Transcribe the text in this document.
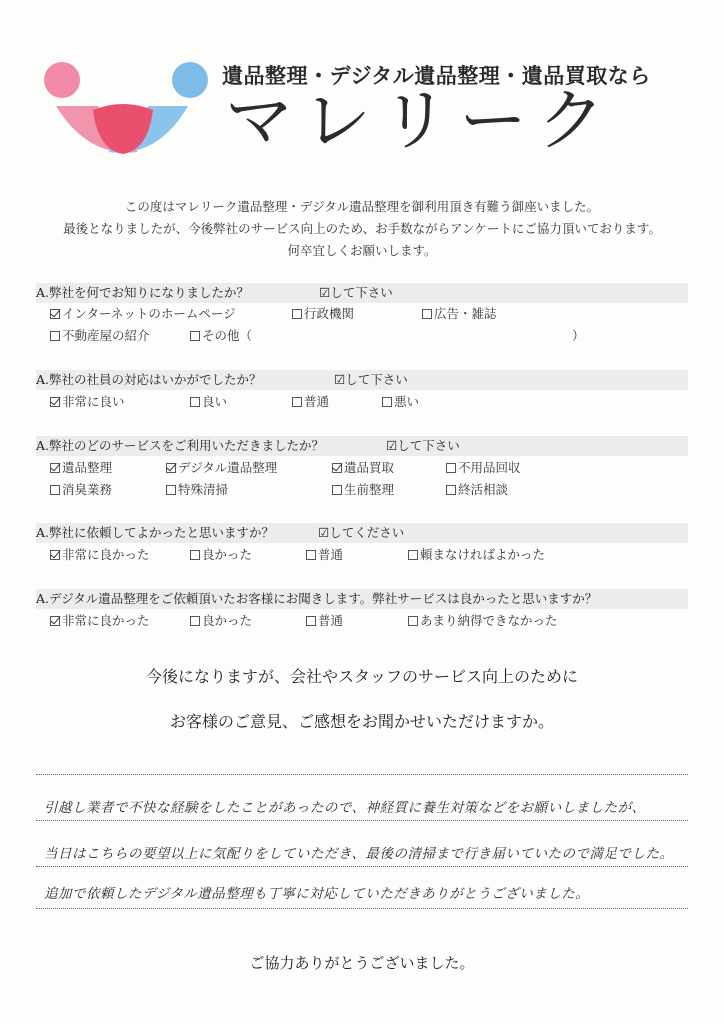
遺品整理・デジタル遺品整理・遺品買取なら
マレリーク
この度はマレリーク遺品整理・デジタル遺品整理を御利用頂き有難う御座いました。
最後となりましたが、今後弊社のサービス向上のため、お手数ながらアンケートにご協力頂いております。
何卒宜しくお願いします。
A.弊社を何でお知りになりましたか？	☑して下さい
インターネットのホームページ	行政機関	広告・雑誌
不動産屋の紹介	その他（	）
A.弊社の社員の対応はいかがでしたか？	☑して下さい
非常に良い	良い	普通	悪い
A.弊社のどのサービスをご利用いただきましたか？	☑して下さい
遺品整理	デジタル遺品整理	遺品買取	不用品回収
消臭業務	特殊清掃	生前整理	終活相談
A.弊社に依頼してよかったと思いますか？	☑してください
非常に良かった	良かった	普通	頼まなければよかった
A.デジタル遺品整理をご依頼頂いたお客様にお聞きします。弊社サービスは良かったと思いますか？
非常に良かった	良かった	普通	あまり納得できなかった
今後になりますが、会社やスタッフのサービス向上のために
お客様のご意見、ご感想をお聞かせいただけますか。
引越し業者で不快な経験をしたことがあったので、神経質に養生対策などをお願いしましたが、
当日はこちらの要望以上に気配りをしていただき、最後の清掃まで行き届いていたので満足でした。
追加で依頼したデジタル遺品整理も丁寧に対応していただきありがとうございました。
ご協力ありがとうございました。
